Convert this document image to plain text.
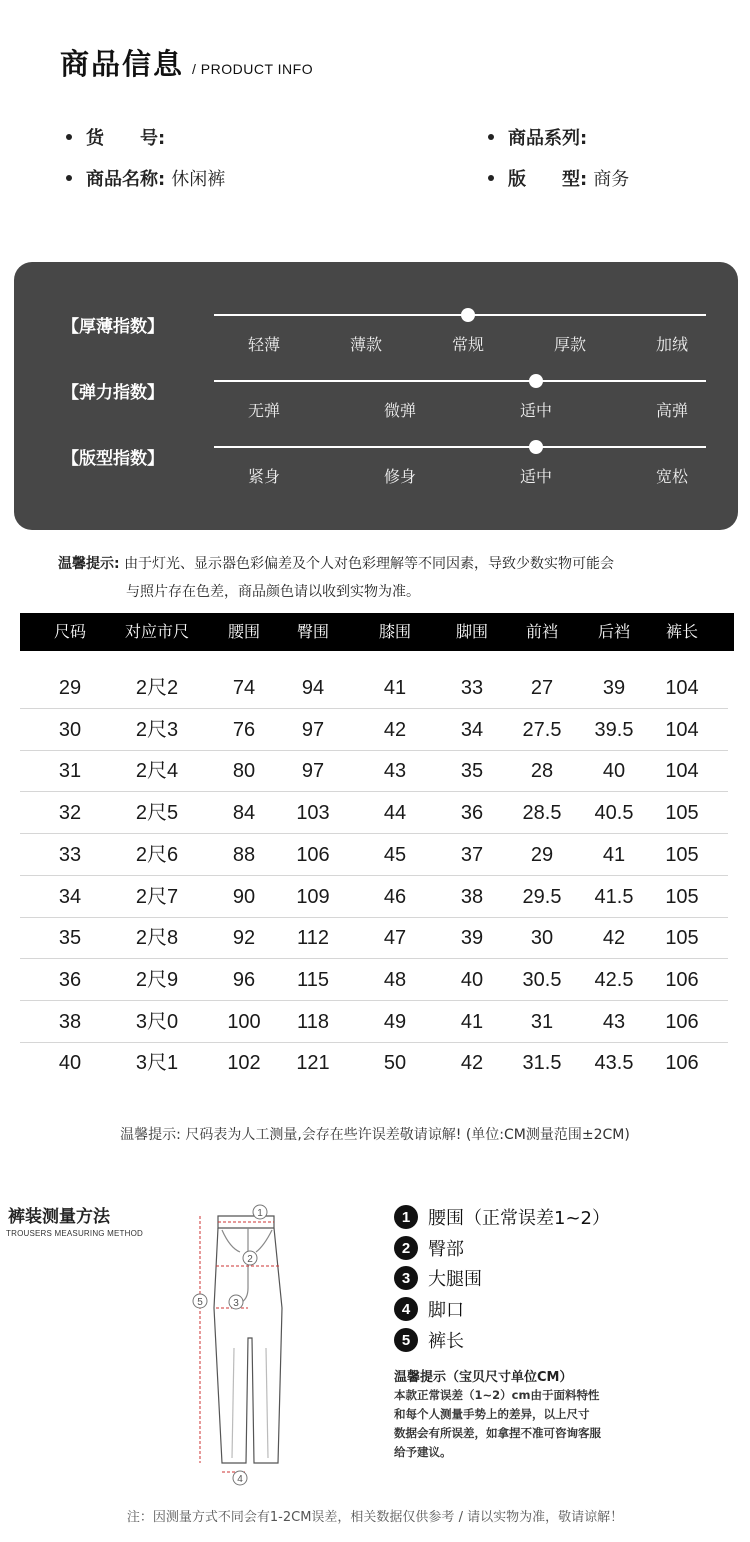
商品信息 / PRODUCT INFO
货　　号:	商品系列:
商品名称: 休闲裤	版　　型: 商务
【厚薄指数】
轻薄	薄款	常规	厚款	加绒
【弹力指数】
无弹	微弹	适中	高弹
【版型指数】
紧身	修身	适中	宽松
温馨提示: 由于灯光、显示器色彩偏差及个人对色彩理解等不同因素，导致少数实物可能会
与照片存在色差，商品颜色请以收到实物为准。
尺码 对应市尺 腰围 臀围	膝围	脚围 前裆 后裆 裤长
29	2尺2	74 94	41	33 27 39 104
30	2尺3	76 97	42	34 27.5 39.5 104
31	2尺4	80 97	43	35 28 40 104
32	2尺5	84 103	44	36 28.5 40.5 105
33	2尺6	88 106	45	37 29 41 105
34	2尺7	90 109	46	38 29.5 41.5 105
35	2尺8	92 112	47	39 30 42 105
36	2尺9	96 115	48	40 30.5 42.5 106
38	3尺0 100 118	49	41 31 43 106
40	3尺1 102 121	50	42 31.5 43.5 106
温馨提示: 尺码表为人工测量,会存在些许误差敬请谅解! (单位:CM测量范围±2CM)
裤装测量方法
TROUSERS MEASURING METHOD
1
2
3
4
5
1 腰围（正常误差1~2）
2 臀部
3 大腿围
4 脚口
5 裤长
温馨提示（宝贝尺寸单位CM）
本款正常误差（1~2）cm由于面料特性
和每个人测量手势上的差异，以上尺寸
数据会有所误差，如拿捏不准可咨询客服
给予建议。
注：因测量方式不同会有1-2CM误差，相关数据仅供参考 / 请以实物为准，敬请谅解！
